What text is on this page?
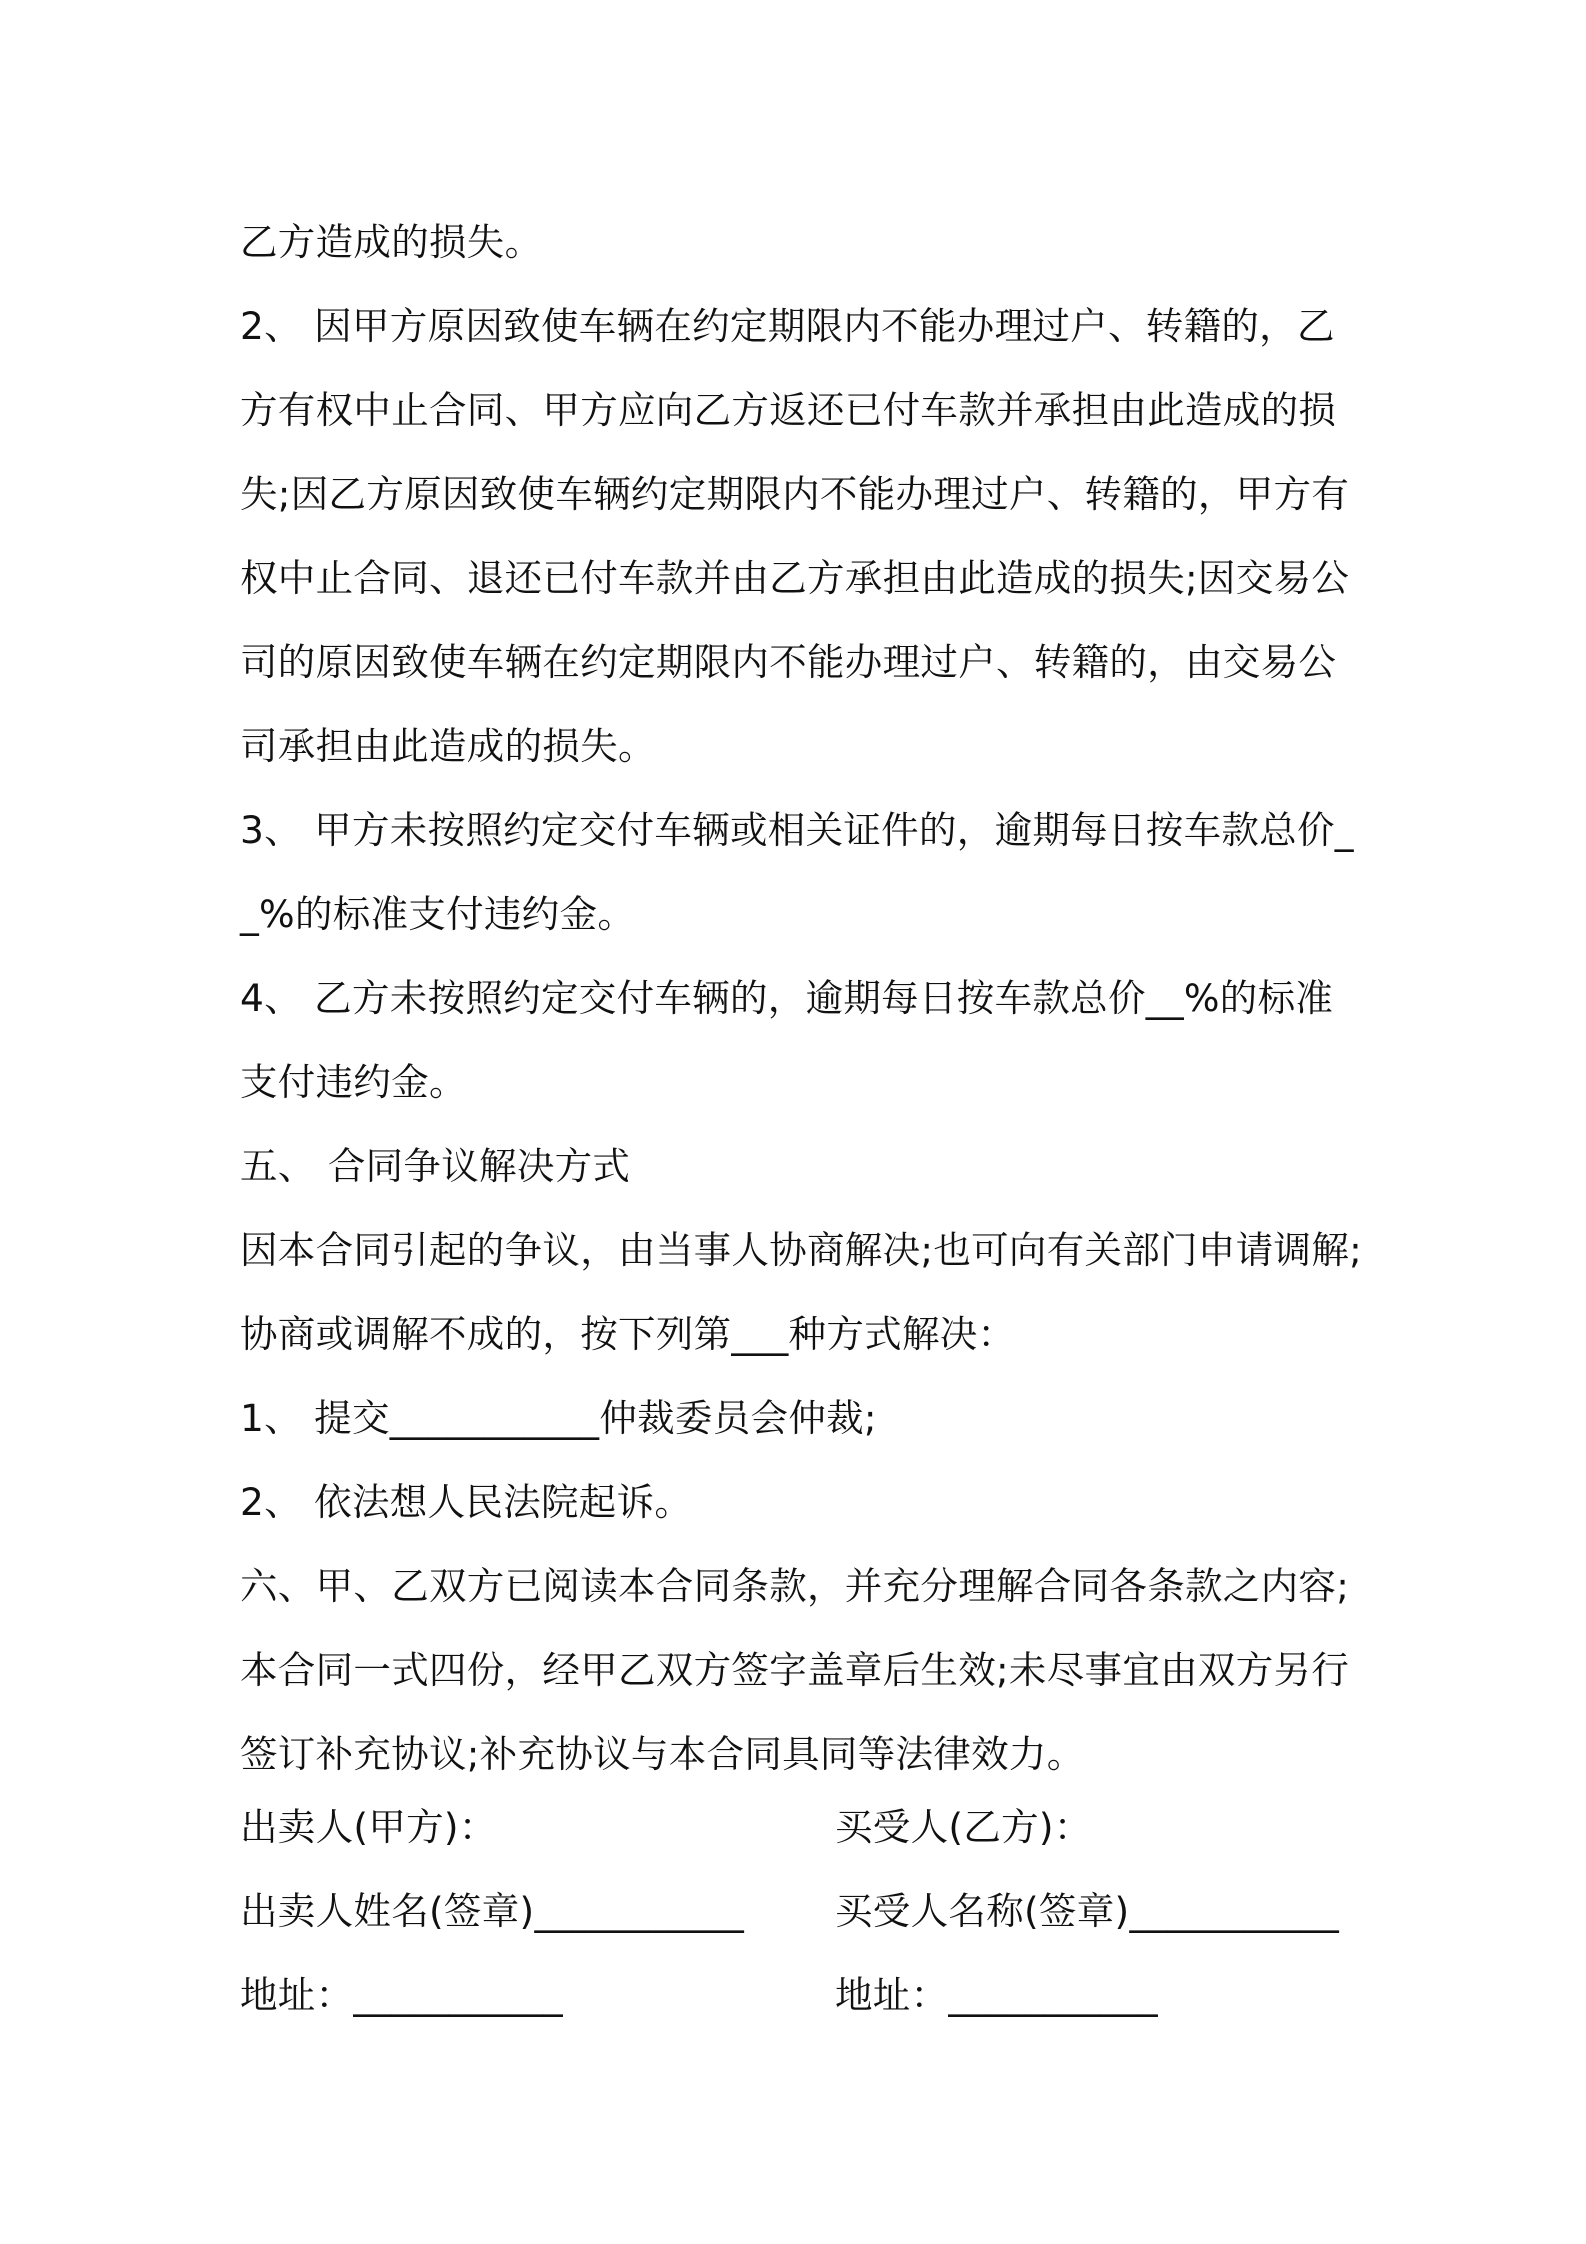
乙方造成的损失。

2、 因甲方原因致使车辆在约定期限内不能办理过户、转籍的，乙方有权中止合同、甲方应向乙方返还已付车款并承担由此造成的损失;因乙方原因致使车辆约定期限内不能办理过户、转籍的，甲方有权中止合同、退还已付车款并由乙方承担由此造成的损失;因交易公司的原因致使车辆在约定期限内不能办理过户、转籍的，由交易公司承担由此造成的损失。

3、 甲方未按照约定交付车辆或相关证件的，逾期每日按车款总价__%的标准支付违约金。

4、 乙方未按照约定交付车辆的，逾期每日按车款总价__%的标准支付违约金。

五、 合同争议解决方式

因本合同引起的争议，由当事人协商解决;也可向有关部门申请调解;

协商或调解不成的，按下列第___种方式解决：

1、 提交___________仲裁委员会仲裁;

2、 依法想人民法院起诉。

六、甲、乙双方已阅读本合同条款，并充分理解合同各条款之内容;本合同一式四份，经甲乙双方签字盖章后生效;未尽事宜由双方另行签订补充协议;补充协议与本合同具同等法律效力。

出卖人(甲方)：
出卖人姓名(签章)___________
地址：___________
买受人(乙方)：
买受人名称(签章)___________
地址：___________
